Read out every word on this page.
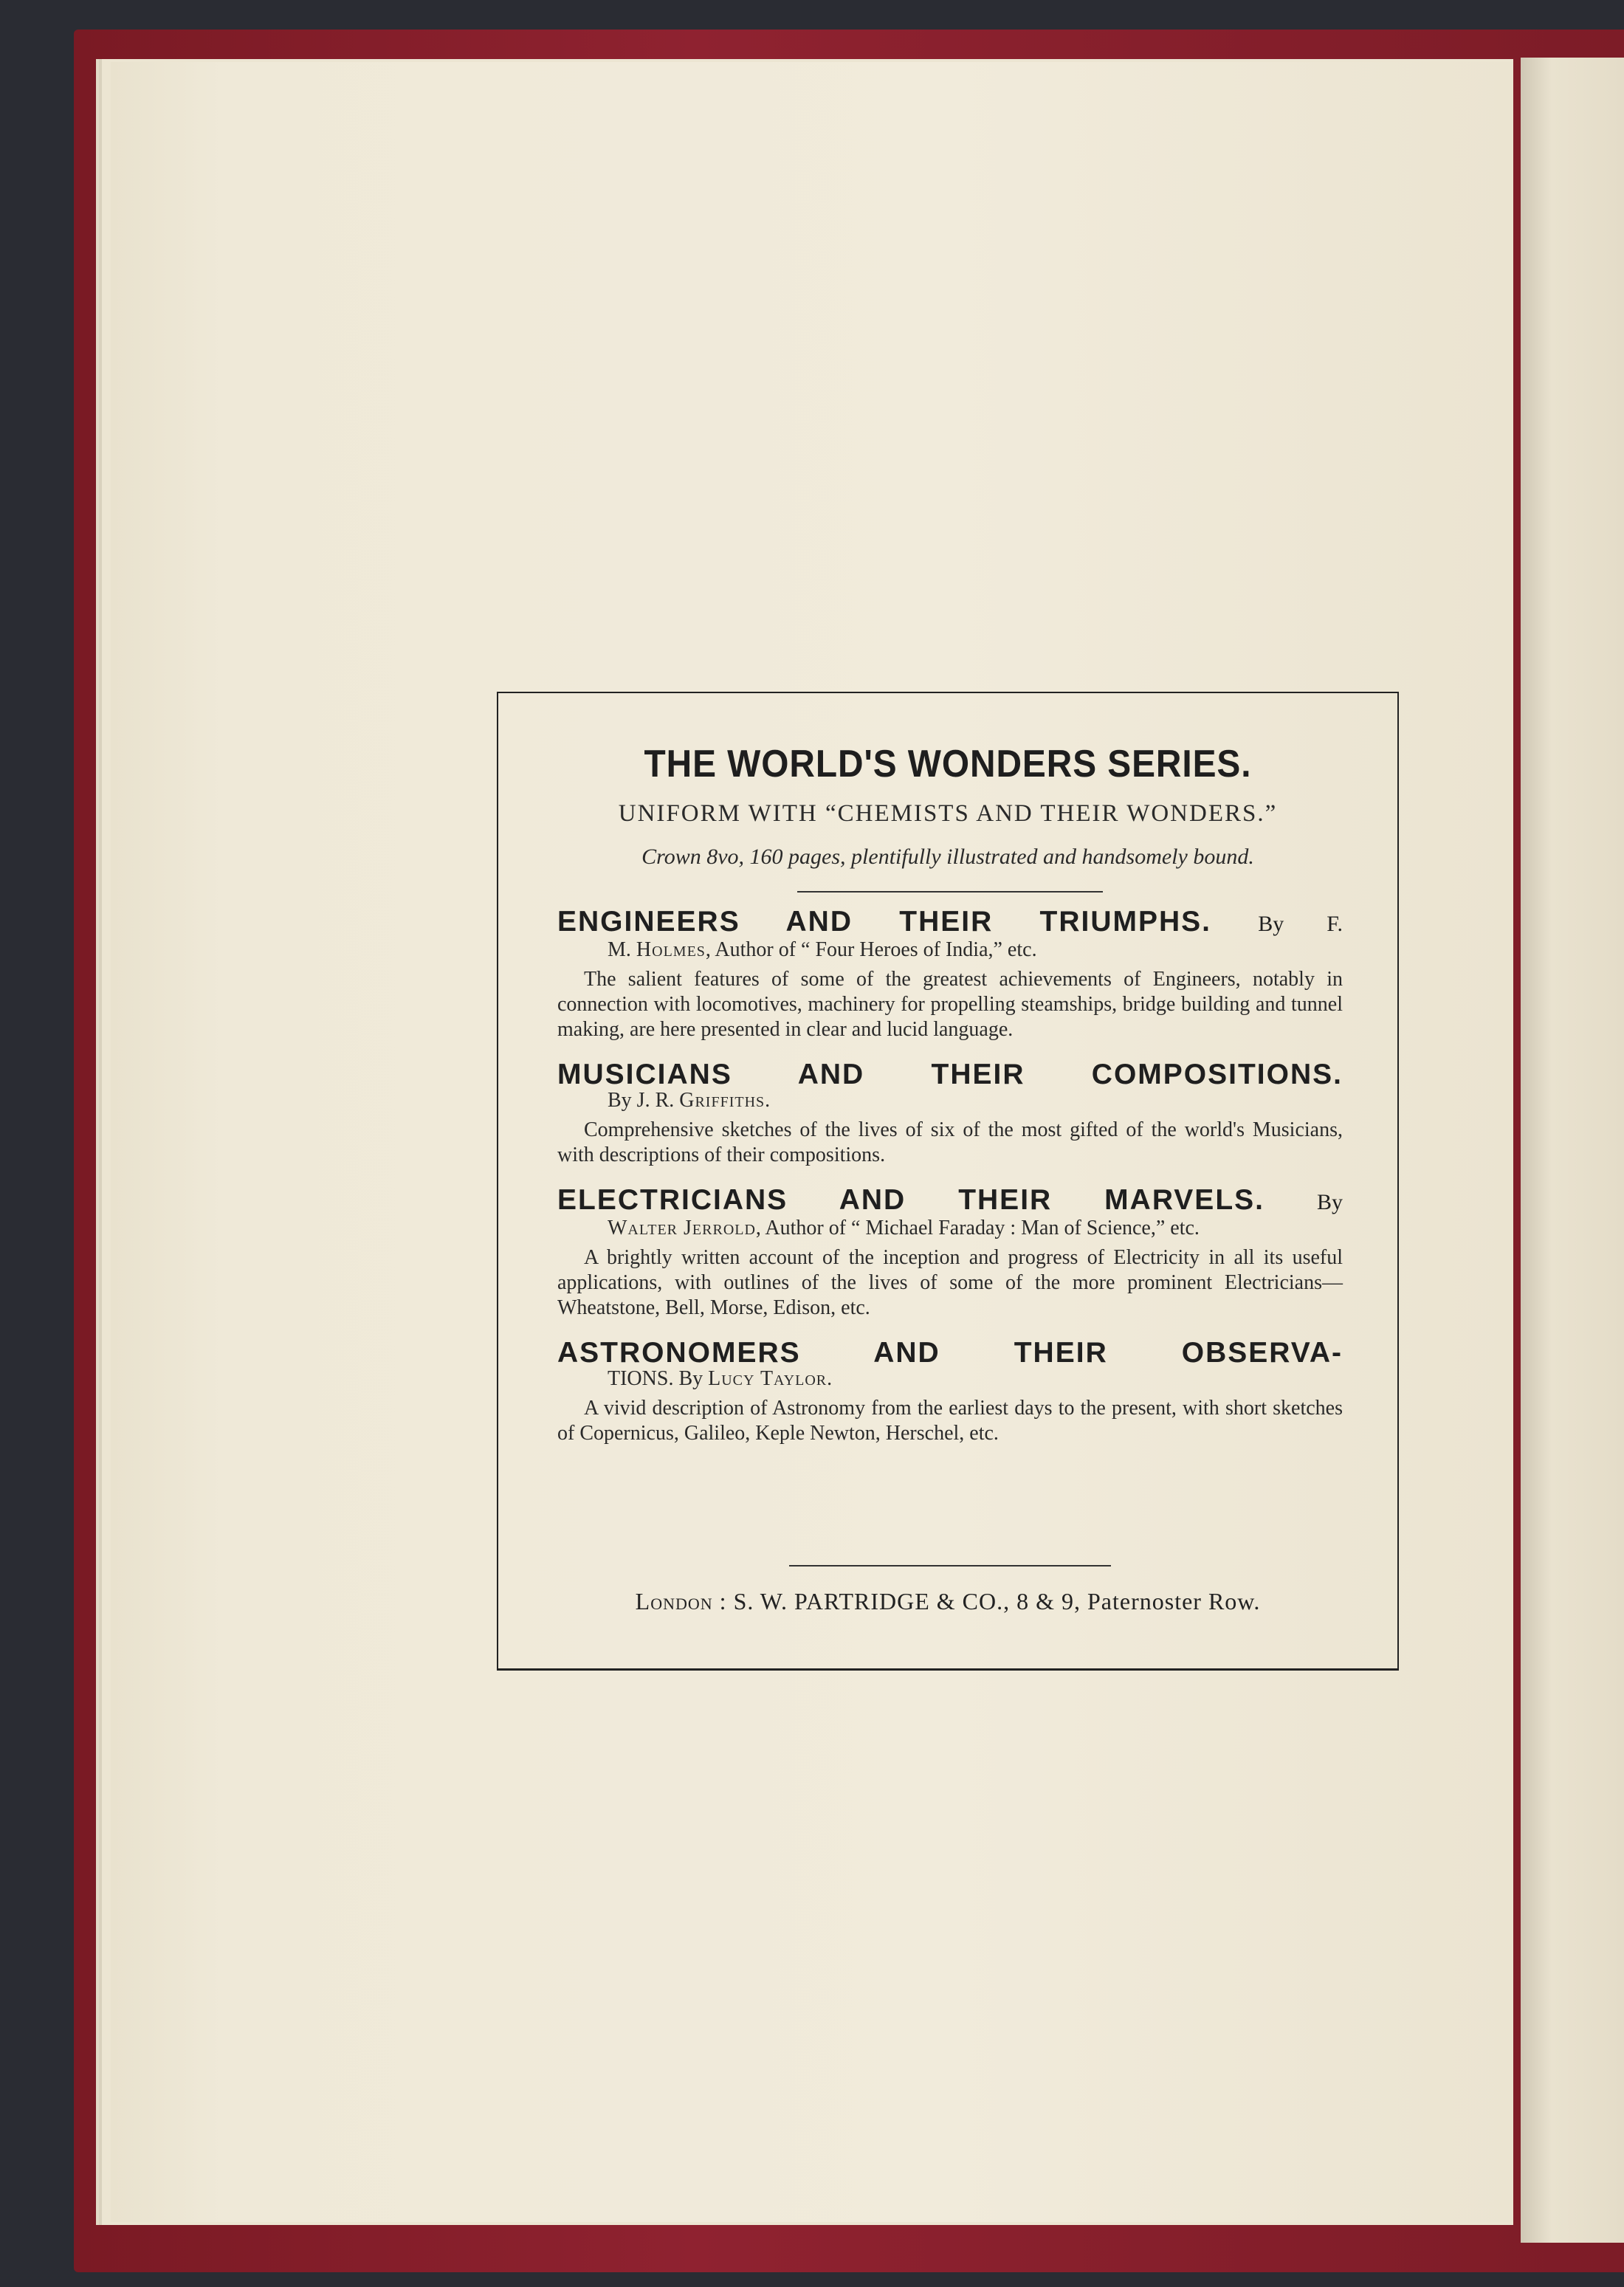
THE WORLD'S WONDERS SERIES.
UNIFORM WITH “CHEMISTS AND THEIR WONDERS.”
Crown 8vo, 160 pages, plentifully illustrated and handsomely bound.
ENGINEERS AND THEIR TRIUMPHS. By F.
M. Holmes, Author of “ Four Heroes of India,” etc.
The salient features of some of the greatest achievements of Engineers, notably in connection with locomotives, machinery for propelling steamships, bridge building and tunnel making, are here presented in clear and lucid language.
MUSICIANS AND THEIR COMPOSITIONS.
By J. R. Griffiths.
Comprehensive sketches of the lives of six of the most gifted of the world's Musicians, with descriptions of their compositions.
ELECTRICIANS AND THEIR MARVELS. By
Walter Jerrold, Author of “ Michael Faraday : Man of Science,” etc.
A brightly written account of the inception and progress of Electricity in all its useful applications, with outlines of the lives of some of the more prominent Electricians—Wheatstone, Bell, Morse, Edison, etc.
ASTRONOMERS AND THEIR OBSERVA-
TIONS. By Lucy Taylor.
A vivid description of Astronomy from the earliest days to the present, with short sketches of Copernicus, Galileo, Keple Newton, Herschel, etc.
London : S. W. PARTRIDGE & CO., 8 & 9, Paternoster Row.
